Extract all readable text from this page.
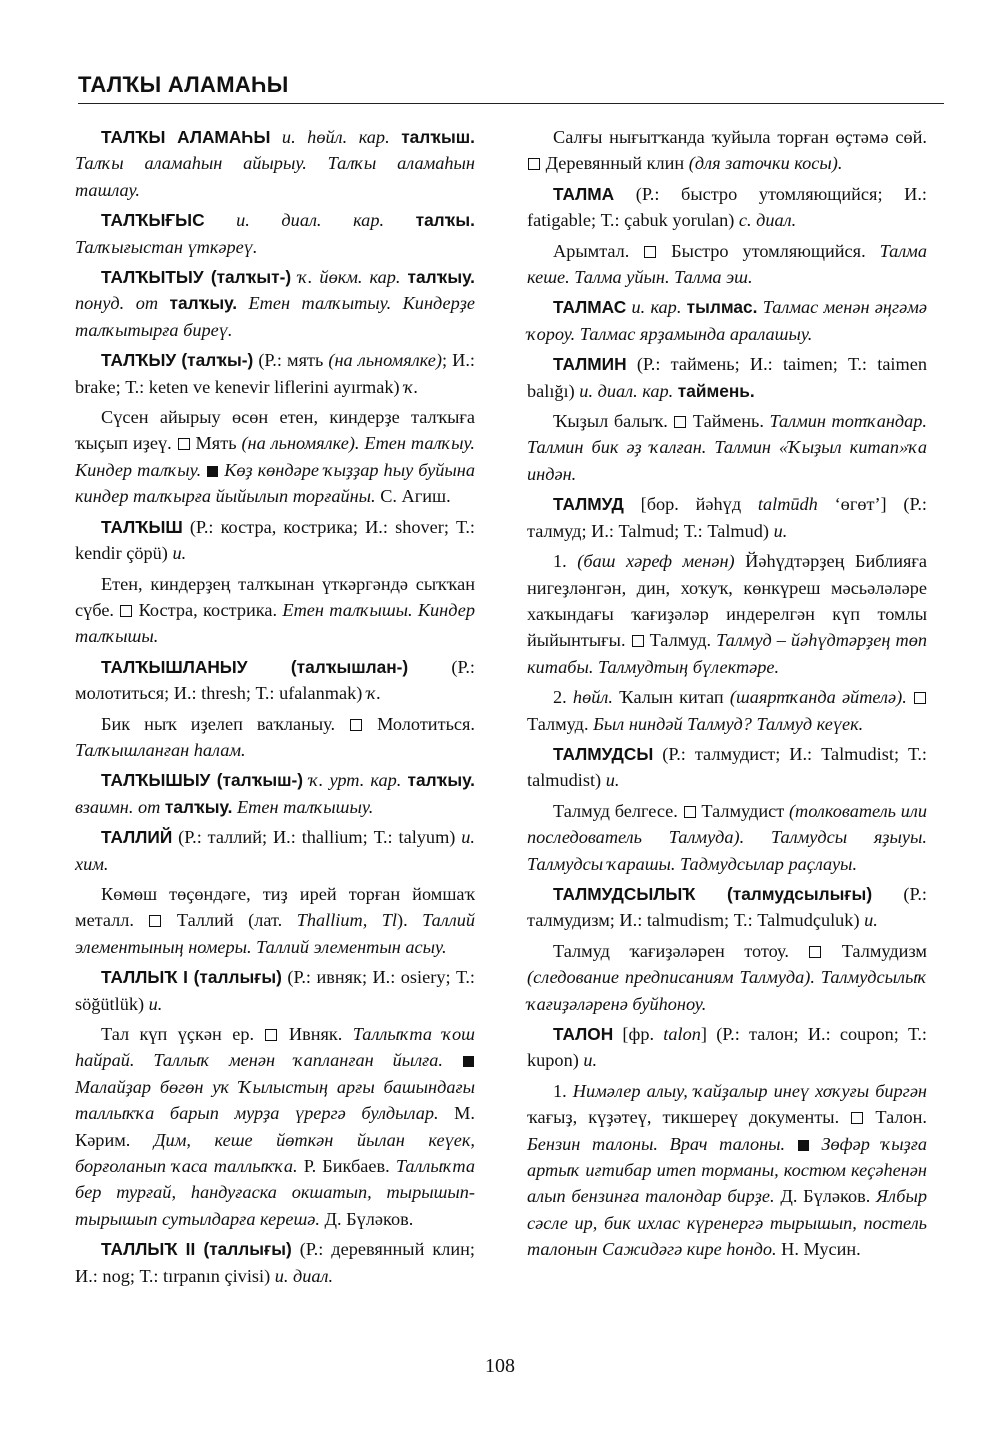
ТАЛҠЫ АЛАМАҺЫ

ТАЛҠЫ АЛАМАҺЫ и. һөйл. кар. талҡыш. Талҡы аламаһын айырыу. Талҡы аламаһын ташлау.

ТАЛҠЫҒЫС и. диал. кар. талҡы. Талҡығыстан үткәреү.

ТАЛҠЫТЫУ (талҡыт-) ҡ. йөкм. кар. талҡыу. понуд. от талҡыу. Етен талҡытыу. Киндерҙе талҡытырға биреү.

ТАЛҠЫУ (талҡы-) (Р.: мять (на льномялке); И.: brake; Т.: keten ve kenevir liflerini ayırmak) ҡ.

Сүсен айырыу өсөн етен, киндерҙе талҡыға ҡыҫып иҙеү.  Мять (на льномялке). Етен талҡыу. Киндер талҡыу.  Көҙ көндәре ҡыҙҙар һыу буйына киндер талҡырға йыйылып торғайны. С. Агиш.

ТАЛҠЫШ (Р.: костра, кострика; И.: shover; Т.: kendir çöpü) и.

Етен, киндерҙең талҡынан үткәргәндә сыҡҡан сүбе.  Костра, кострика. Етен талҡышы. Киндер талҡышы.

ТАЛҠЫШЛАНЫУ (талҡышлан-) (Р.: молотиться; И.: thresh; Т.: ufalanmak) ҡ.

Бик ныҡ иҙелеп ваҡланыу.  Молотиться. Талҡышланған һалам.

ТАЛҠЫШЫУ (талҡыш-) ҡ. урт. кар. талҡыу. взаимн. от талҡыу. Етен талҡышыу.

ТАЛЛИЙ (Р.: таллий; И.: thallium; Т.: talyum) и. хим.

Көмөш төҫөндәге, тиҙ ирей торған йомшаҡ металл.  Таллий (лат. Thallium, Tl). Таллий элементының номеры. Таллий элементын асыу.

ТАЛЛЫҠ I (таллығы) (Р.: ивняк; И.: osiery; Т.: söğütlük) и.

Тал күп үҫкән ер.  Ивняк. Таллыҡта ҡош һайрай. Таллыҡ менән ҡапланған йылға.  Малайҙар бөгөн уҡ Ҡылыстың арғы башындағы таллыҡҡа барып мурҙа үрергә булдылар. М. Кәрим. Дим, кеше йөткән йылан кеүек, борғоланып ҡаса таллыҡҡа. Р. Бикбаев. Таллыҡта бер турғай, һандуғаска окшатып, тырышып-тырышып сутылдарға керешә. Д. Бүләков.

ТАЛЛЫҠ II (таллығы) (Р.: деревянный клин; И.: nog; Т.: tırpanın çivisi) и. диал.

Салғы нығытҡанда ҡуйыла торған өҫтәмә сөй.  Деревянный клин (для заточки косы).

ТАЛМА (Р.: быстро утомляющийся; И.: fatigable; Т.: çabuk yorulan) с. диал.

Арымтал.  Быстро утомляющийся. Талма кеше. Талма уйын. Талма эш.

ТАЛМАС и. кар. тылмас. Талмас менән әңгәмә ҡороу. Талмас ярҙамында аралашыу.

ТАЛМИН (Р.: таймень; И.: taimen; Т.: taimen balığı) и. диал. кар. таймень.

Ҡыҙыл балыҡ.  Таймень. Талмин тотҡандар. Талмин бик әҙ ҡалған. Талмин «Ҡыҙыл китап»ҡа индән.

ТАЛМУД [бор. йәһүд talmūdh ‘өгөт’] (Р.: талмуд; И.: Talmud; Т.: Talmud) и.

1. (баш хәреф менән) Йәһүдтәрҙең Библияға нигеҙләнгән, дин, хоҡуҡ, көнкүреш мәсьәләләре хаҡындағы ҡағиҙәләр индерелгән күп томлы йыйынтығы.  Талмуд. Талмуд – йәһүдтәрҙең төп китабы. Талмудтың бүлектәре.

2. һөйл. Ҡалын китап (шаяртҡанда әйтелә).  Талмуд. Был ниндәй Талмуд? Талмуд кеүек.

ТАЛМУДСЫ (Р.: талмудист; И.: Talmudist; Т.: talmudist) и.

Талмуд белгесе.  Талмудист (толкователь или последователь Талмуда). Талмудсы яҙыуы. Талмудсы ҡарашы. Тадмудсылар раҫлауы.

ТАЛМУДСЫЛЫҠ (талмудсылығы) (Р.: талмудизм; И.: talmudism; Т.: Talmudçuluk) и.

Талмуд ҡағиҙәләрен тотоу.  Талмудизм (следование предписаниям Талмуда). Талмудсылыҡ ҡағиҙәләренә буйһоноу.

ТАЛОН [фр. talon] (Р.: талон; И.: coupon; Т.: kupon) и.

1. Нимәлер алыу, ҡайҙалыр инеү хоҡуғы биргән ҡағыҙ, күҙәтеү, тикшереү документы.  Талон. Бензин талоны. Врач талоны.  Зөфәр ҡыҙға артыҡ иғтибар итеп торманы, костюм кеҫәһенән алып бензинға талондар бирҙе. Д. Бүләков. Ялбыр сәсле ир, бик ихлас күренергә тырышып, постель талонын Сажидәгә кире һондо. Н. Мусин.

108
